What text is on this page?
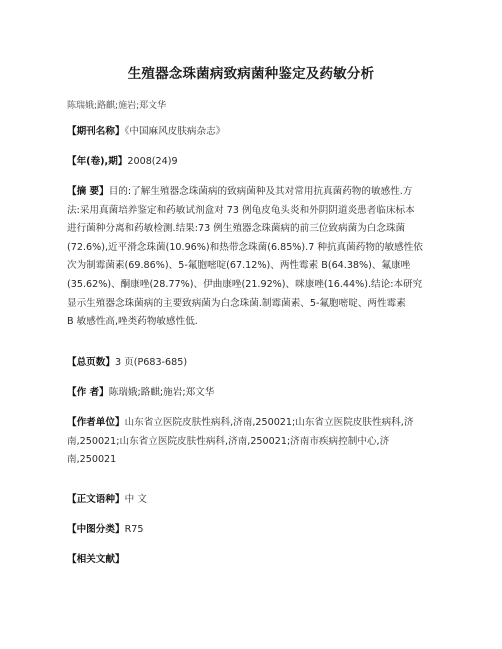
生殖器念珠菌病致病菌种鉴定及药敏分析
陈瑞娥;路麒;施岩;郑文华
【期刊名称】《中国麻风皮肤病杂志》
【年(卷),期】2008(24)9
【摘 要】目的:了解生殖器念珠菌病的致病菌种及其对常用抗真菌药物的敏感性.方
法:采用真菌培养鉴定和药敏试剂盒对 73 例龟皮龟头炎和外阴阴道炎患者临床标本
进行菌种分离和药敏检测.结果:73 例生殖器念珠菌病的前三位致病菌为白念珠菌
(72.6%),近平滑念珠菌(10.96%)和热带念珠菌(6.85%).7 种抗真菌药物的敏感性依
次为制霉菌素(69.86%)、5-氟胞嘧啶(67.12%)、两性霉素 B(64.38%)、氟康唑
(35.62%)、酮康唑(28.77%)、伊曲康唑(21.92%)、咪康唑(16.44%).结论:本研究
显示生殖器念珠菌病的主要致病菌为白念珠菌.制霉菌素、5-氟胞嘧啶、两性霉素
B 敏感性高,唑类药物敏感性低.
【总页数】3 页(P683-685)
【作 者】陈瑞娥;路麒;施岩;郑文华
【作者单位】山东省立医院皮肤性病科,济南,250021;山东省立医院皮肤性病科,济
南,250021;山东省立医院皮肤性病科,济南,250021;济南市疾病控制中心,济
南,250021
【正文语种】中 文
【中图分类】R75
【相关文献】
